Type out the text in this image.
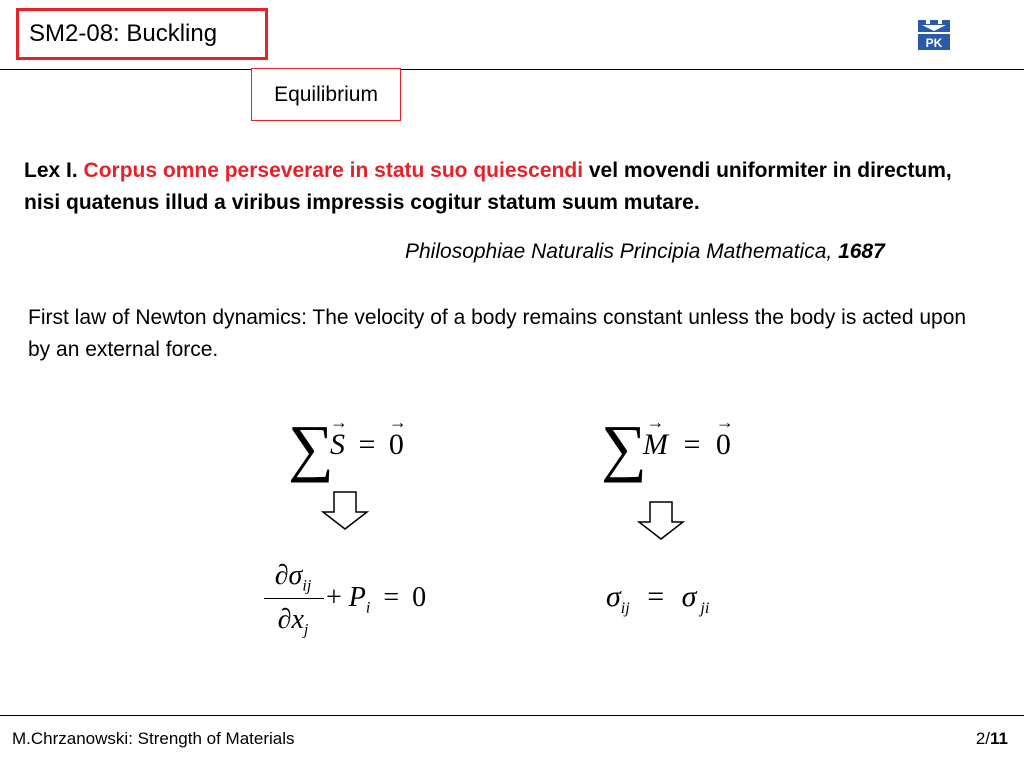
SM2-08: Buckling	PK
Equilibrium
Lex I. Corpus omne perseverare in statu suo quiescendi vel movendi uniformiter in directum, nisi quatenus illud a viribus impressis cogitur statum suum mutare.
Philosophiae Naturalis Principia Mathematica, 1687
First law of Newton dynamics: The velocity of a body remains constant unless the body is acted upon by an external force.
∑
S
→
= 0
→	∑
M
→
= 0
→
$\partial\sigma_{ij}$
$\partial x_j$
+ $P_i = 0$	$\sigma_{ij} = \sigma$ $_{ji}$
M.Chrzanowski: Strength of Materials	2/11
